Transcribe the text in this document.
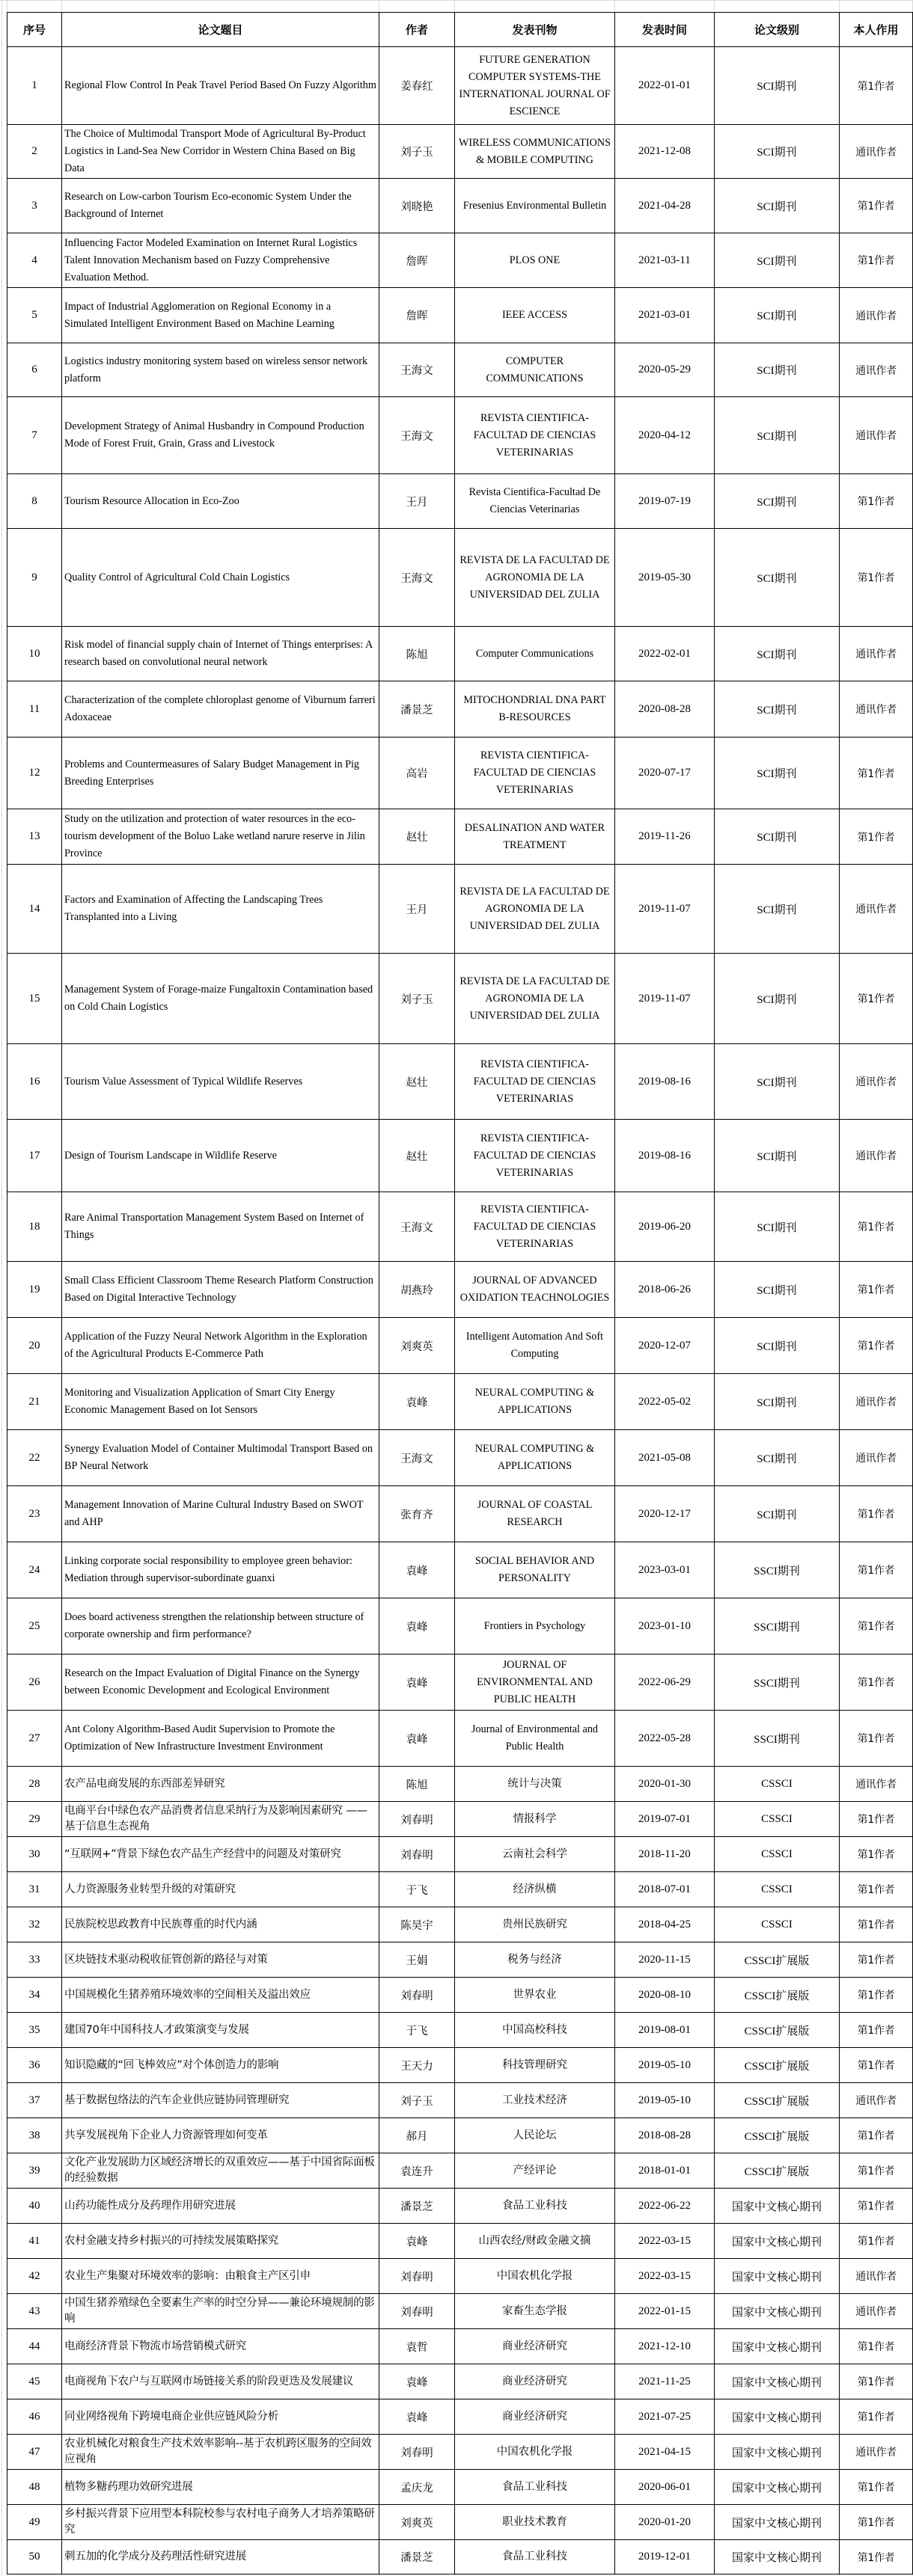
序号	论文题目	作者	发表刊物	发表时间	论文级别	本人作用
1	Regional Flow Control In Peak Travel Period Based On Fuzzy Algorithm	姜春红	FUTURE GENERATION COMPUTER SYSTEMS-THE INTERNATIONAL JOURNAL OF ESCIENCE	2022-01-01	SCI期刊	第1作者
2	The Choice of Multimodal Transport Mode of Agricultural By-Product Logistics in Land-Sea New Corridor in Western China Based on Big Data	刘子玉	WIRELESS COMMUNICATIONS & MOBILE COMPUTING	2021-12-08	SCI期刊	通讯作者
3	Research on Low-carbon Tourism Eco-economic System Under the Background of Internet	刘晓艳	Fresenius Environmental Bulletin	2021-04-28	SCI期刊	第1作者
4	Influencing Factor Modeled Examination on Internet Rural Logistics Talent Innovation Mechanism based on Fuzzy Comprehensive Evaluation Method.	詹晖	PLOS ONE	2021-03-11	SCI期刊	第1作者
5	Impact of Industrial Agglomeration on Regional Economy in a Simulated Intelligent Environment Based on Machine Learning	詹晖	IEEE ACCESS	2021-03-01	SCI期刊	通讯作者
6	Logistics industry monitoring system based on wireless sensor network platform	王海文	COMPUTER COMMUNICATIONS	2020-05-29	SCI期刊	通讯作者
7	Development Strategy of Animal Husbandry in Compound Production Mode of Forest Fruit, Grain, Grass and Livestock	王海文	REVISTA CIENTIFICA-FACULTAD DE CIENCIAS VETERINARIAS	2020-04-12	SCI期刊	通讯作者
8	Tourism Resource Allocation in Eco-Zoo	王月	Revista Cientifica-Facultad De Ciencias Veterinarias	2019-07-19	SCI期刊	第1作者
9	Quality Control of Agricultural Cold Chain Logistics	王海文	REVISTA DE LA FACULTAD DE AGRONOMIA DE LA UNIVERSIDAD DEL ZULIA	2019-05-30	SCI期刊	第1作者
10	Risk model of financial supply chain of Internet of Things enterprises: A research based on convolutional neural network	陈旭	Computer Communications	2022-02-01	SCI期刊	通讯作者
11	Characterization of the complete chloroplast genome of Viburnum farreri Adoxaceae	潘景芝	MITOCHONDRIAL DNA PART B-RESOURCES	2020-08-28	SCI期刊	通讯作者
12	Problems and Countermeasures of Salary Budget Management in Pig Breeding Enterprises	高岩	REVISTA CIENTIFICA-FACULTAD DE CIENCIAS VETERINARIAS	2020-07-17	SCI期刊	第1作者
13	Study on the utilization and protection of water resources in the eco-tourism development of the Boluo Lake wetland narure reserve in Jilin Province	赵壮	DESALINATION AND WATER TREATMENT	2019-11-26	SCI期刊	第1作者
14	Factors and Examination of Affecting the Landscaping Trees Transplanted into a Living	王月	REVISTA DE LA FACULTAD DE AGRONOMIA DE LA UNIVERSIDAD DEL ZULIA	2019-11-07	SCI期刊	通讯作者
15	Management System of Forage-maize Fungaltoxin Contamination based on Cold Chain Logistics	刘子玉	REVISTA DE LA FACULTAD DE AGRONOMIA DE LA UNIVERSIDAD DEL ZULIA	2019-11-07	SCI期刊	第1作者
16	Tourism Value Assessment of Typical Wildlife Reserves	赵壮	REVISTA CIENTIFICA-FACULTAD DE CIENCIAS VETERINARIAS	2019-08-16	SCI期刊	通讯作者
17	Design of Tourism Landscape in Wildlife Reserve	赵壮	REVISTA CIENTIFICA-FACULTAD DE CIENCIAS VETERINARIAS	2019-08-16	SCI期刊	通讯作者
18	Rare Animal Transportation Management System Based on Internet of Things	王海文	REVISTA CIENTIFICA-FACULTAD DE CIENCIAS VETERINARIAS	2019-06-20	SCI期刊	第1作者
19	Small Class Efficient Classroom Theme Research Platform Construction Based on Digital Interactive Technology	胡燕玲	JOURNAL OF ADVANCED OXIDATION TEACHNOLOGIES	2018-06-26	SCI期刊	第1作者
20	Application of the Fuzzy Neural Network Algorithm in the Exploration of the Agricultural Products E-Commerce Path	刘爽英	Intelligent Automation And Soft Computing	2020-12-07	SCI期刊	第1作者
21	Monitoring and Visualization Application of Smart City Energy Economic Management Based on Iot Sensors	袁峰	NEURAL COMPUTING & APPLICATIONS	2022-05-02	SCI期刊	通讯作者
22	Synergy Evaluation Model of Container Multimodal Transport Based on BP Neural Network	王海文	NEURAL COMPUTING & APPLICATIONS	2021-05-08	SCI期刊	通讯作者
23	Management Innovation of Marine Cultural Industry Based on SWOT and AHP	张育齐	JOURNAL OF COASTAL RESEARCH	2020-12-17	SCI期刊	第1作者
24	Linking corporate social responsibility to employee green behavior: Mediation through supervisor-subordinate guanxi	袁峰	SOCIAL BEHAVIOR AND PERSONALITY	2023-03-01	SSCI期刊	第1作者
25	Does board activeness strengthen the relationship between structure of corporate ownership and firm performance?	袁峰	Frontiers in Psychology	2023-01-10	SSCI期刊	第1作者
26	Research on the Impact Evaluation of Digital Finance on the Synergy between Economic Development and Ecological Environment	袁峰	JOURNAL OF ENVIRONMENTAL AND PUBLIC HEALTH	2022-06-29	SSCI期刊	第1作者
27	Ant Colony Algorithm-Based Audit Supervision to Promote the Optimization of New Infrastructure Investment Environment	袁峰	Journal of Environmental and Public Health	2022-05-28	SSCI期刊	第1作者
28	农产品电商发展的东西部差异研究	陈旭	统计与决策	2020-01-30	CSSCI	通讯作者
29	电商平台中绿色农产品消费者信息采纳行为及影响因素研究 ——基于信息生态视角	刘春明	情报科学	2019-07-01	CSSCI	第1作者
30	“互联网+”背景下绿色农产品生产经营中的问题及对策研究	刘春明	云南社会科学	2018-11-20	CSSCI	第1作者
31	人力资源服务业转型升级的对策研究	于飞	经济纵横	2018-07-01	CSSCI	第1作者
32	民族院校思政教育中民族尊重的时代内涵	陈昊宇	贵州民族研究	2018-04-25	CSSCI	第1作者
33	区块链技术驱动税收征管创新的路径与对策	王娟	税务与经济	2020-11-15	CSSCI扩展版	第1作者
34	中国规模化生猪养殖环境效率的空间相关及溢出效应	刘春明	世界农业	2020-08-10	CSSCI扩展版	第1作者
35	建国70年中国科技人才政策演变与发展	于飞	中国高校科技	2019-08-01	CSSCI扩展版	第1作者
36	知识隐藏的“回飞棒效应”对个体创造力的影响	王天力	科技管理研究	2019-05-10	CSSCI扩展版	第1作者
37	基于数据包络法的汽车企业供应链协同管理研究	刘子玉	工业技术经济	2019-05-10	CSSCI扩展版	通讯作者
38	共享发展视角下企业人力资源管理如何变革	郝月	人民论坛	2018-08-28	CSSCI扩展版	第1作者
39	文化产业发展助力区域经济增长的双重效应——基于中国省际面板的经验数据	袁连升	产经评论	2018-01-01	CSSCI扩展版	第1作者
40	山药功能性成分及药理作用研究进展	潘景芝	食品工业科技	2022-06-22	国家中文核心期刊	第1作者
41	农村金融支持乡村振兴的可持续发展策略探究	袁峰	山西农经/财政金融文摘	2022-03-15	国家中文核心期刊	第1作者
42	农业生产集聚对环境效率的影响：由粮食主产区引申	刘春明	中国农机化学报	2022-03-15	国家中文核心期刊	通讯作者
43	中国生猪养殖绿色全要素生产率的时空分异——兼论环境规制的影响	刘春明	家畜生态学报	2022-01-15	国家中文核心期刊	通讯作者
44	电商经济背景下物流市场营销模式研究	袁哲	商业经济研究	2021-12-10	国家中文核心期刊	第1作者
45	电商视角下农户与互联网市场链接关系的阶段更迭及发展建议	袁峰	商业经济研究	2021-11-25	国家中文核心期刊	第1作者
46	同业网络视角下跨境电商企业供应链风险分析	袁峰	商业经济研究	2021-07-25	国家中文核心期刊	第1作者
47	农业机械化对粮食生产技术效率影响--基于农机跨区服务的空间效应视角	刘春明	中国农机化学报	2021-04-15	国家中文核心期刊	通讯作者
48	植物多糖药理功效研究进展	孟庆龙	食品工业科技	2020-06-01	国家中文核心期刊	第1作者
49	乡村振兴背景下应用型本科院校参与农村电子商务人才培养策略研究	刘爽英	职业技术教育	2020-01-20	国家中文核心期刊	第1作者
50	刺五加的化学成分及药理活性研究进展	潘景芝	食品工业科技	2019-12-01	国家中文核心期刊	第1作者
